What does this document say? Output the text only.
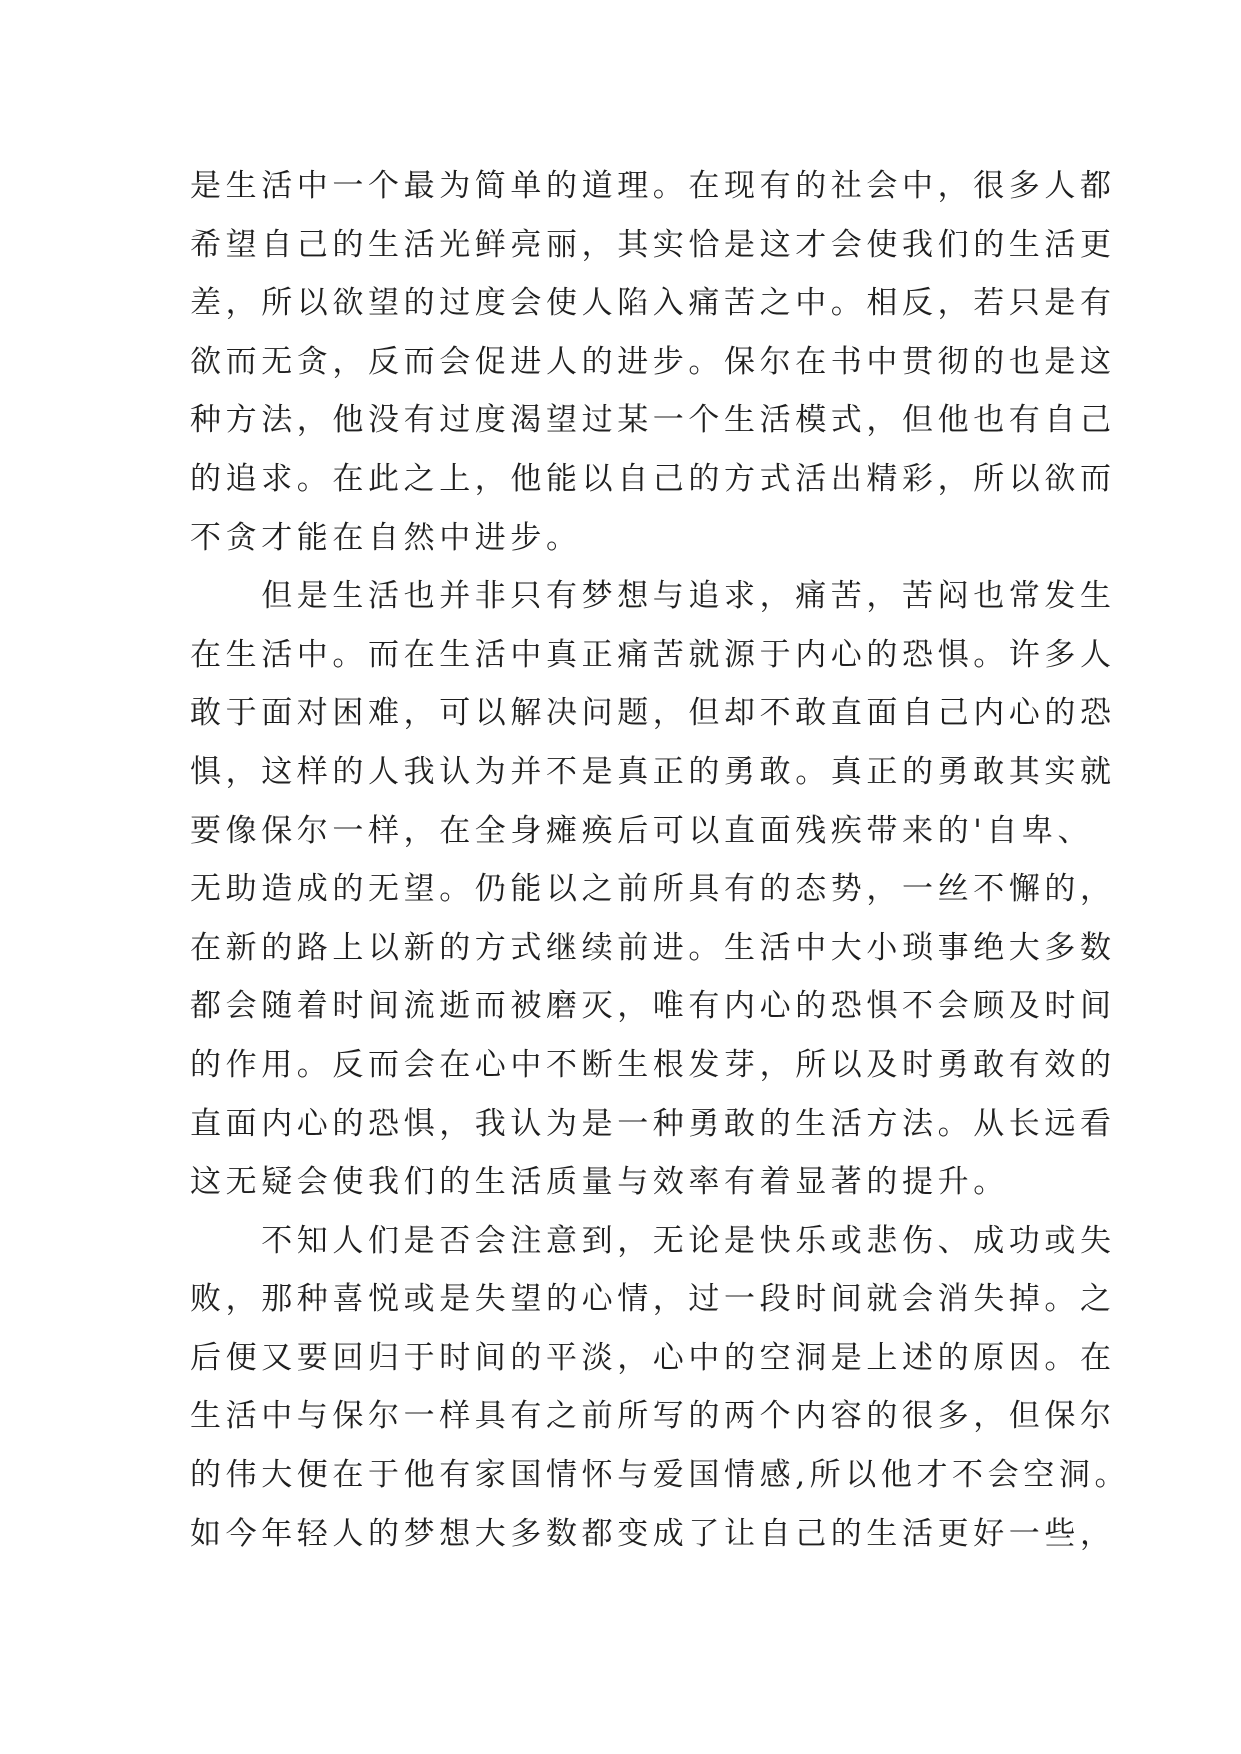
是生活中一个最为简单的道理。在现有的社会中，很多人都
希望自己的生活光鲜亮丽，其实恰是这才会使我们的生活更
差，所以欲望的过度会使人陷入痛苦之中。相反，若只是有
欲而无贪，反而会促进人的进步。保尔在书中贯彻的也是这
种方法，他没有过度渴望过某一个生活模式，但他也有自己
的追求。在此之上，他能以自己的方式活出精彩，所以欲而
不贪才能在自然中进步。
　　但是生活也并非只有梦想与追求，痛苦，苦闷也常发生
在生活中。而在生活中真正痛苦就源于内心的恐惧。许多人
敢于面对困难，可以解决问题，但却不敢直面自己内心的恐
惧，这样的人我认为并不是真正的勇敢。真正的勇敢其实就
要像保尔一样，在全身瘫痪后可以直面残疾带来的'自卑、
无助造成的无望。仍能以之前所具有的态势，一丝不懈的，
在新的路上以新的方式继续前进。生活中大小琐事绝大多数
都会随着时间流逝而被磨灭，唯有内心的恐惧不会顾及时间
的作用。反而会在心中不断生根发芽，所以及时勇敢有效的
直面内心的恐惧，我认为是一种勇敢的生活方法。从长远看
这无疑会使我们的生活质量与效率有着显著的提升。
　　不知人们是否会注意到，无论是快乐或悲伤、成功或失
败，那种喜悦或是失望的心情，过一段时间就会消失掉。之
后便又要回归于时间的平淡，心中的空洞是上述的原因。在
生活中与保尔一样具有之前所写的两个内容的很多，但保尔
的伟大便在于他有家国情怀与爱国情感,所以他才不会空洞。
如今年轻人的梦想大多数都变成了让自己的生活更好一些，
